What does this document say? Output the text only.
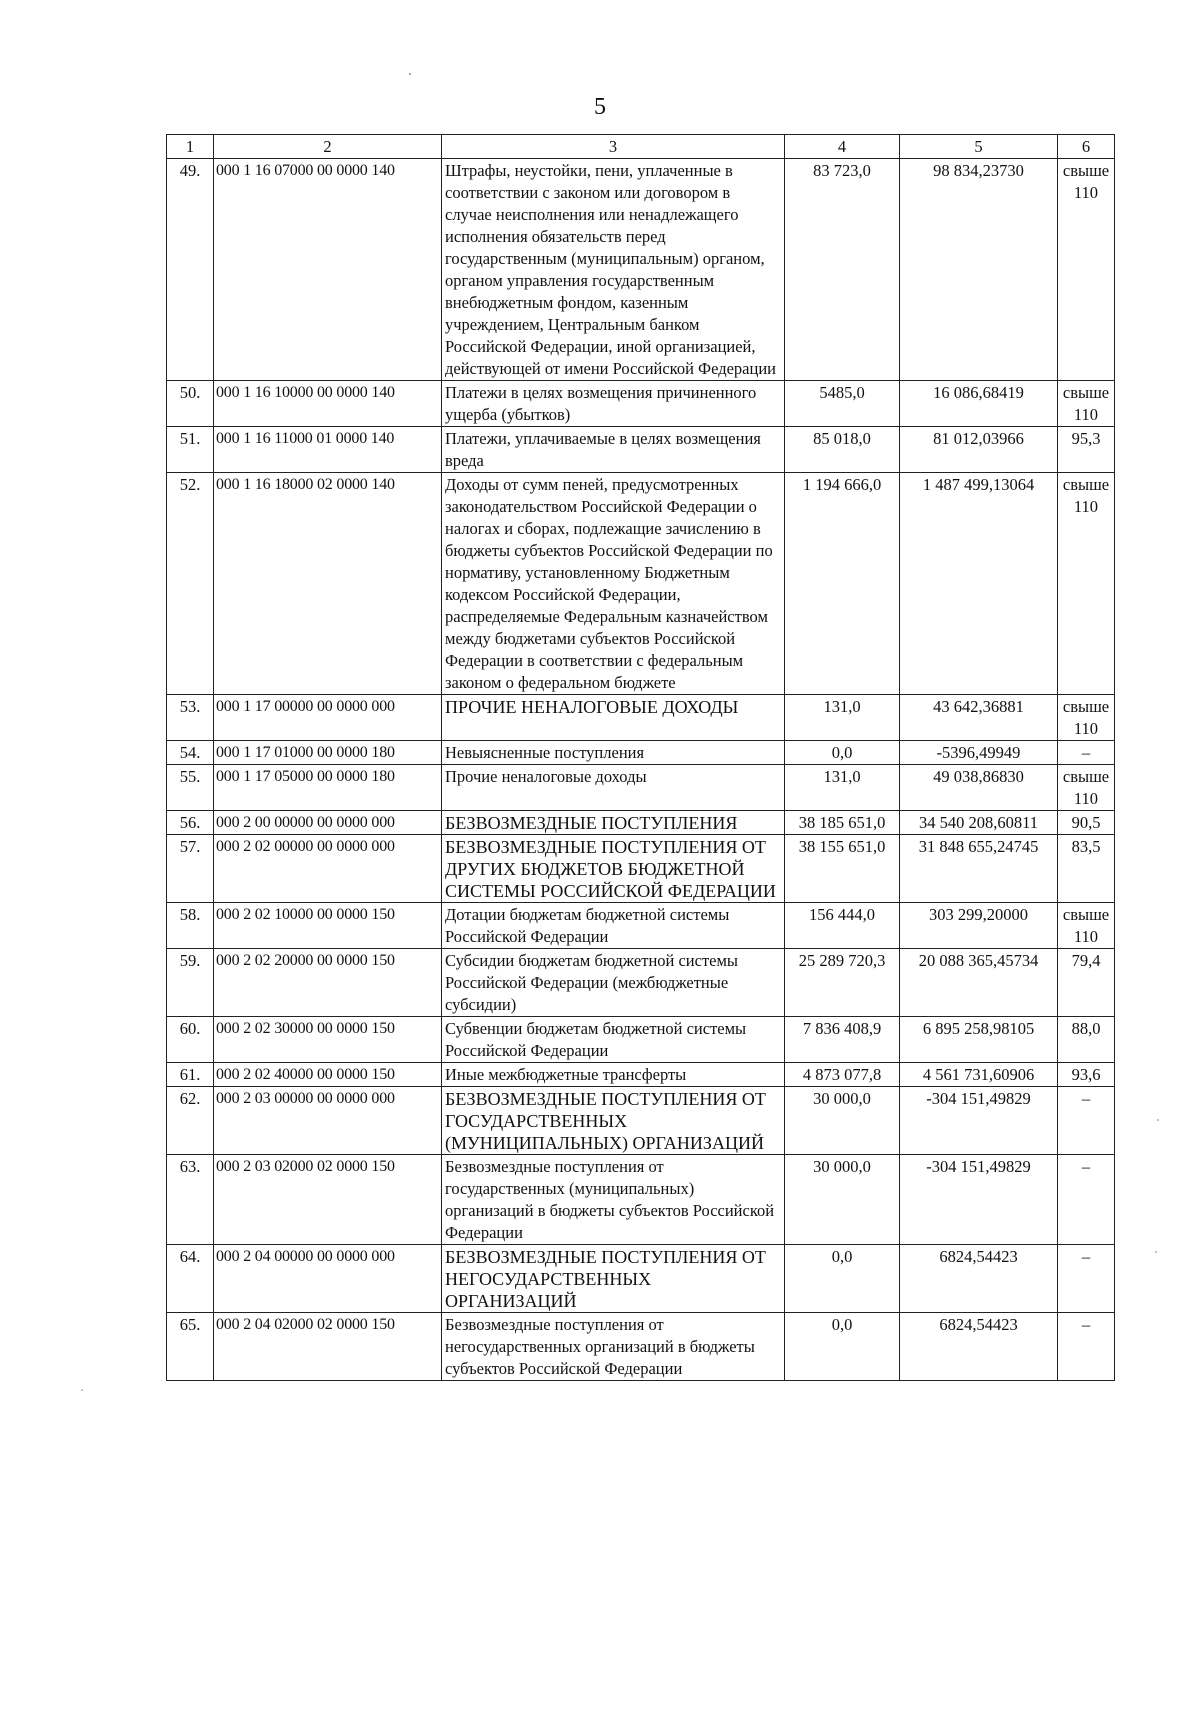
5
1	2	3	4	5	6
49.	000 1 16 07000 00 0000 140	Штрафы, неустойки, пени, уплаченные в соответствии с законом или договором в случае неисполнения или ненадлежащего исполнения обязательств перед государственным (муниципальным) органом, органом управления государственным внебюджетным фондом, казенным учреждением, Центральным банком Российской Федерации, иной организацией, действующей от имени Российской Федерации	83 723,0	98 834,23730	свыше 110
50.	000 1 16 10000 00 0000 140	Платежи в целях возмещения причиненного ущерба (убытков)	5485,0	16 086,68419	свыше 110
51.	000 1 16 11000 01 0000 140	Платежи, уплачиваемые в целях возмещения вреда	85 018,0	81 012,03966	95,3
52.	000 1 16 18000 02 0000 140	Доходы от сумм пеней, предусмотренных законодательством Российской Федерации о налогах и сборах, подлежащие зачислению в бюджеты субъектов Российской Федерации по нормативу, установленному Бюджетным кодексом Российской Федерации, распределяемые Федеральным казначейством между бюджетами субъектов Российской Федерации в соответствии с федеральным законом о федеральном бюджете	1 194 666,0	1 487 499,13064	свыше 110
53.	000 1 17 00000 00 0000 000	ПРОЧИЕ НЕНАЛОГОВЫЕ ДОХОДЫ	131,0	43 642,36881	свыше 110
54.	000 1 17 01000 00 0000 180	Невыясненные поступления	0,0	-5396,49949	–
55.	000 1 17 05000 00 0000 180	Прочие неналоговые доходы	131,0	49 038,86830	свыше 110
56.	000 2 00 00000 00 0000 000	БЕЗВОЗМЕЗДНЫЕ ПОСТУПЛЕНИЯ	38 185 651,0	34 540 208,60811	90,5
57.	000 2 02 00000 00 0000 000	БЕЗВОЗМЕЗДНЫЕ ПОСТУПЛЕНИЯ ОТ ДРУГИХ БЮДЖЕТОВ БЮДЖЕТНОЙ СИСТЕМЫ РОССИЙСКОЙ ФЕДЕРАЦИИ	38 155 651,0	31 848 655,24745	83,5
58.	000 2 02 10000 00 0000 150	Дотации бюджетам бюджетной системы Российской Федерации	156 444,0	303 299,20000	свыше 110
59.	000 2 02 20000 00 0000 150	Субсидии бюджетам бюджетной системы Российской Федерации (межбюджетные субсидии)	25 289 720,3	20 088 365,45734	79,4
60.	000 2 02 30000 00 0000 150	Субвенции бюджетам бюджетной системы Российской Федерации	7 836 408,9	6 895 258,98105	88,0
61.	000 2 02 40000 00 0000 150	Иные межбюджетные трансферты	4 873 077,8	4 561 731,60906	93,6
62.	000 2 03 00000 00 0000 000	БЕЗВОЗМЕЗДНЫЕ ПОСТУПЛЕНИЯ ОТ ГОСУДАРСТВЕННЫХ (МУНИЦИПАЛЬНЫХ) ОРГАНИЗАЦИЙ	30 000,0	-304 151,49829	–
63.	000 2 03 02000 02 0000 150	Безвозмездные поступления от государственных (муниципальных) организаций в бюджеты субъектов Российской Федерации	30 000,0	-304 151,49829	–
64.	000 2 04 00000 00 0000 000	БЕЗВОЗМЕЗДНЫЕ ПОСТУПЛЕНИЯ ОТ НЕГОСУДАРСТВЕННЫХ ОРГАНИЗАЦИЙ	0,0	6824,54423	–
65.	000 2 04 02000 02 0000 150	Безвозмездные поступления от негосударственных организаций в бюджеты субъектов Российской Федерации	0,0	6824,54423	–
